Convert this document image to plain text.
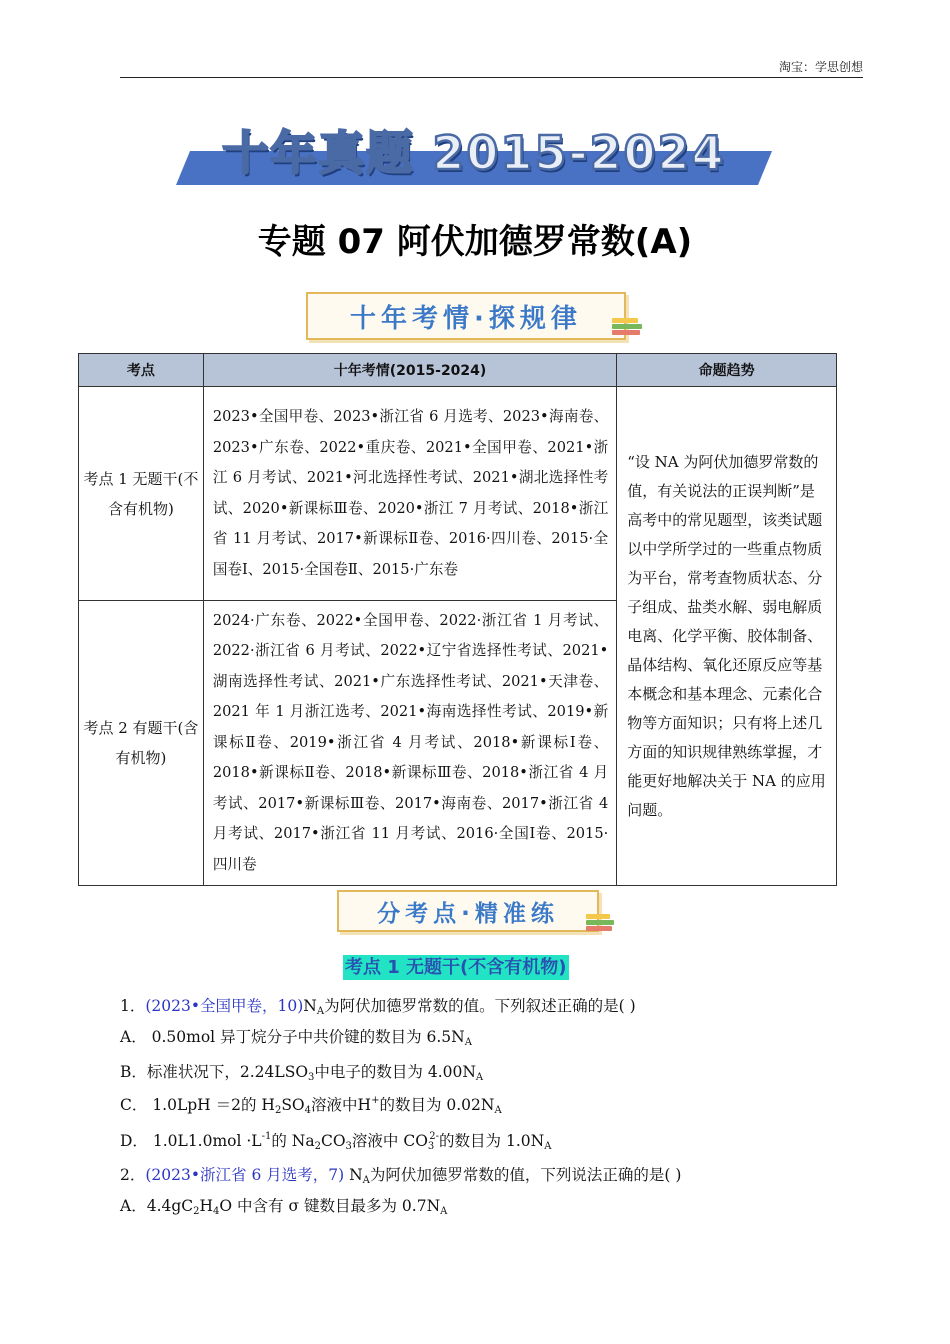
淘宝：学思创想
十年真题 2015-2024
专题 07 阿伏加德罗常数(A)
十年考情·探规律
考点	十年考情(2015-2024)	命题趋势
考点 1 无题干(不含有机物)	2023•全国甲卷、2023•浙江省 6 月选考、2023•海南卷、2023•广东卷、2022•重庆卷、2021•全国甲卷、2021•浙江 6 月考试、2021•河北选择性考试、2021•湖北选择性考试、2020•新课标Ⅲ卷、2020•浙江 7 月考试、2018•浙江省 11 月考试、2017•新课标Ⅱ卷、2016·四川卷、2015·全国卷Ⅰ、2015·全国卷Ⅱ、2015·广东卷	“设 NA 为阿伏加德罗常数的值，有关说法的正误判断”是高考中的常见题型，该类试题以中学所学过的一些重点物质为平台，常考查物质状态、分子组成、盐类水解、弱电解质电离、化学平衡、胶体制备、晶体结构、氧化还原反应等基本概念和基本理念、元素化合物等方面知识；只有将上述几方面的知识规律熟练掌握，才能更好地解决关于 NA 的应用问题。
考点 2 有题干(含有机物)	2024·广东卷、2022•全国甲卷、2022·浙江省 1 月考试、2022·浙江省 6 月考试、2022•辽宁省选择性考试、2021•湖南选择性考试、2021•广东选择性考试、2021•天津卷、2021 年 1 月浙江选考、2021•海南选择性考试、2019•新课标Ⅱ卷、2019•浙江省 4 月考试、2018•新课标Ⅰ卷、2018•新课标Ⅱ卷、2018•新课标Ⅲ卷、2018•浙江省 4 月考试、2017•新课标Ⅲ卷、2017•海南卷、2017•浙江省 4 月考试、2017•浙江省 11 月考试、2016·全国Ⅰ卷、2015·四川卷	
分考点·精准练
考点 1 无题干(不含有机物)
1．(2023•全国甲卷，$10)N_A$为阿伏加德罗常数的值。下列叙述正确的是( )
A． 0.50mol 异丁烷分子中共价键的数目为 $6.5N_A$
B．标准状况下，$2.24LSO_3$中电子的数目为 $4.00N_A$
C． 1.0LpH ＝2的 $H_2SO_4$溶液中H+的数目为 $0.02N_A$
D． $1.0L1.0mol \cdot L^{-1}$的 $Na_2CO_3$溶液中 $CO_3^{2-}$的数目为 $1.0N_A$
2．(2023•浙江省 6 月选考，7) $N_A$为阿伏加德罗常数的值，下列说法正确的是( )
A．$4.4gC_2H_4O$ 中含有 σ 键数目最多为 $0.7N_A$
